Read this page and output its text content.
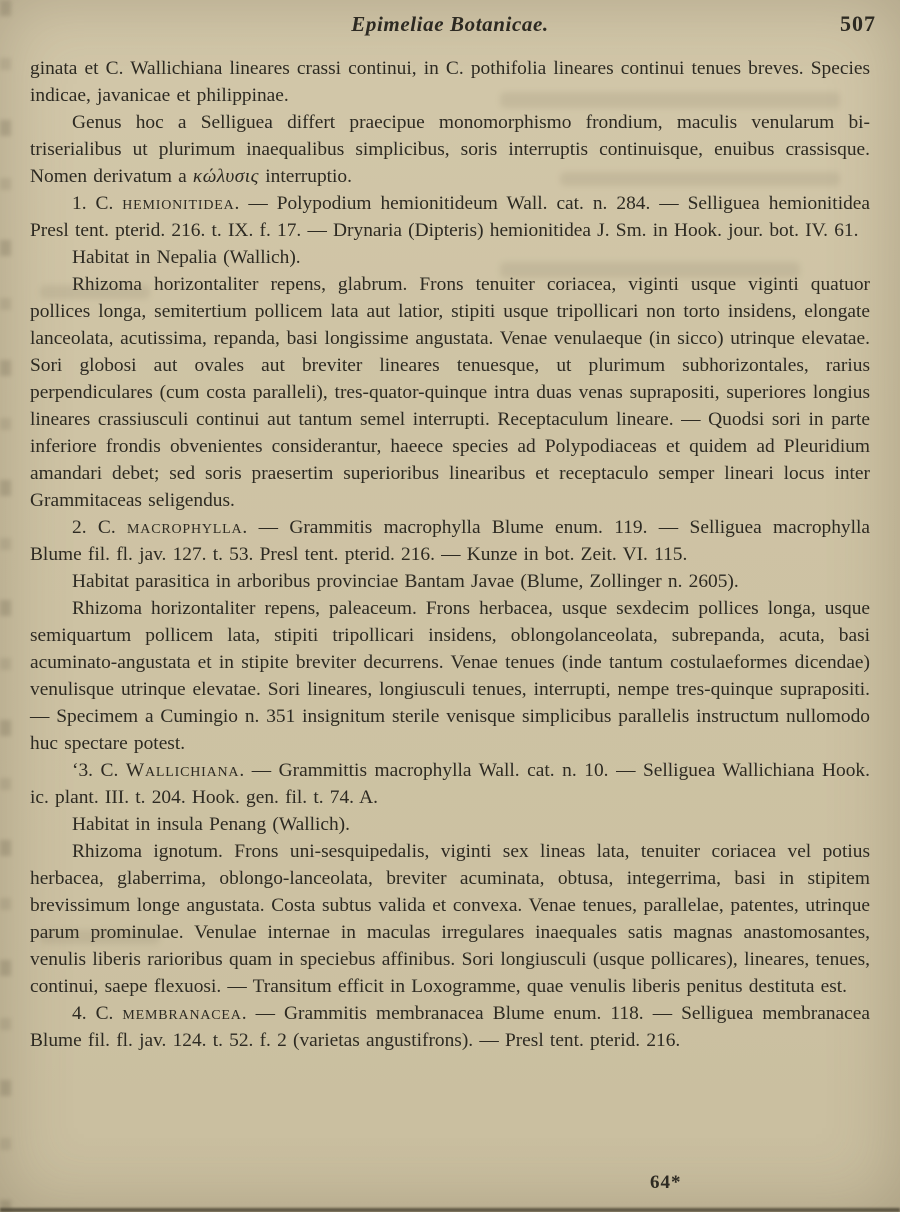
Epimeliae Botanicae.	507

ginata et C. Wallichiana lineares crassi continui, in C. pothifolia lineares continui tenues breves. Species indicae, javanicae et philippinae.

Genus hoc a Selliguea differt praecipue monomorphismo frondium, maculis venularum bi-triserialibus ut plurimum inaequalibus simplicibus, soris interruptis continuisque, enuibus crassisque. Nomen derivatum a κώλυσις interruptio.

1. C. hemionitidea. — Polypodium hemionitideum Wall. cat. n. 284. — Selliguea hemionitidea Presl tent. pterid. 216. t. IX. f. 17. — Drynaria (Dipteris) hemionitidea J. Sm. in Hook. jour. bot. IV. 61.

Habitat in Nepalia (Wallich).

Rhizoma horizontaliter repens, glabrum. Frons tenuiter coriacea, viginti usque viginti quatuor pollices longa, semitertium pollicem lata aut latior, stipiti usque tripollicari non torto insidens, elongate lanceolata, acutissima, repanda, basi longissime angustata. Venae venulaeque (in sicco) utrinque elevatae. Sori globosi aut ovales aut breviter lineares tenuesque, ut plurimum subhorizontales, rarius perpendiculares (cum costa paralleli), tres-quator-quinque intra duas venas suprapositi, superiores longius lineares crassiusculi continui aut tantum semel interrupti. Receptaculum lineare. — Quodsi sori in parte inferiore frondis obvenientes considerantur, haeece species ad Polypodiaceas et quidem ad Pleuridium amandari debet; sed soris praesertim superioribus linearibus et receptaculo semper lineari locus inter Grammitaceas seligendus.

2. C. macrophylla. — Grammitis macrophylla Blume enum. 119. — Selliguea macrophylla Blume fil. fl. jav. 127. t. 53. Presl tent. pterid. 216. — Kunze in bot. Zeit. VI. 115.

Habitat parasitica in arboribus provinciae Bantam Javae (Blume, Zollinger n. 2605).

Rhizoma horizontaliter repens, paleaceum. Frons herbacea, usque sexdecim pollices longa, usque semiquartum pollicem lata, stipiti tripollicari insidens, oblongolanceolata, subrepanda, acuta, basi acuminato-angustata et in stipite breviter decurrens. Venae tenues (inde tantum costulaeformes dicendae) venulisque utrinque elevatae. Sori lineares, longiusculi tenues, interrupti, nempe tres-quinque suprapositi. — Specimem a Cumingio n. 351 insignitum sterile venisque simplicibus parallelis instructum nullomodo huc spectare potest.

‘3. C. Wallichiana. — Grammittis macrophylla Wall. cat. n. 10. — Selliguea Wallichiana Hook. ic. plant. III. t. 204. Hook. gen. fil. t. 74. A.

Habitat in insula Penang (Wallich).

Rhizoma ignotum. Frons uni-sesquipedalis, viginti sex lineas lata, tenuiter coriacea vel potius herbacea, glaberrima, oblongo-lanceolata, breviter acuminata, obtusa, integerrima, basi in stipitem brevissimum longe angustata. Costa subtus valida et convexa. Venae tenues, parallelae, patentes, utrinque parum prominulae. Venulae internae in maculas irregulares inaequales satis magnas anastomosantes, venulis liberis rarioribus quam in speciebus affinibus. Sori longiusculi (usque pollicares), lineares, tenues, continui, saepe flexuosi. — Transitum efficit in Loxogramme, quae venulis liberis penitus destituta est.

4. C. membranacea. — Grammitis membranacea Blume enum. 118. — Selliguea membranacea Blume fil. fl. jav. 124. t. 52. f. 2 (varietas angustifrons). — Presl tent. pterid. 216.

64*
